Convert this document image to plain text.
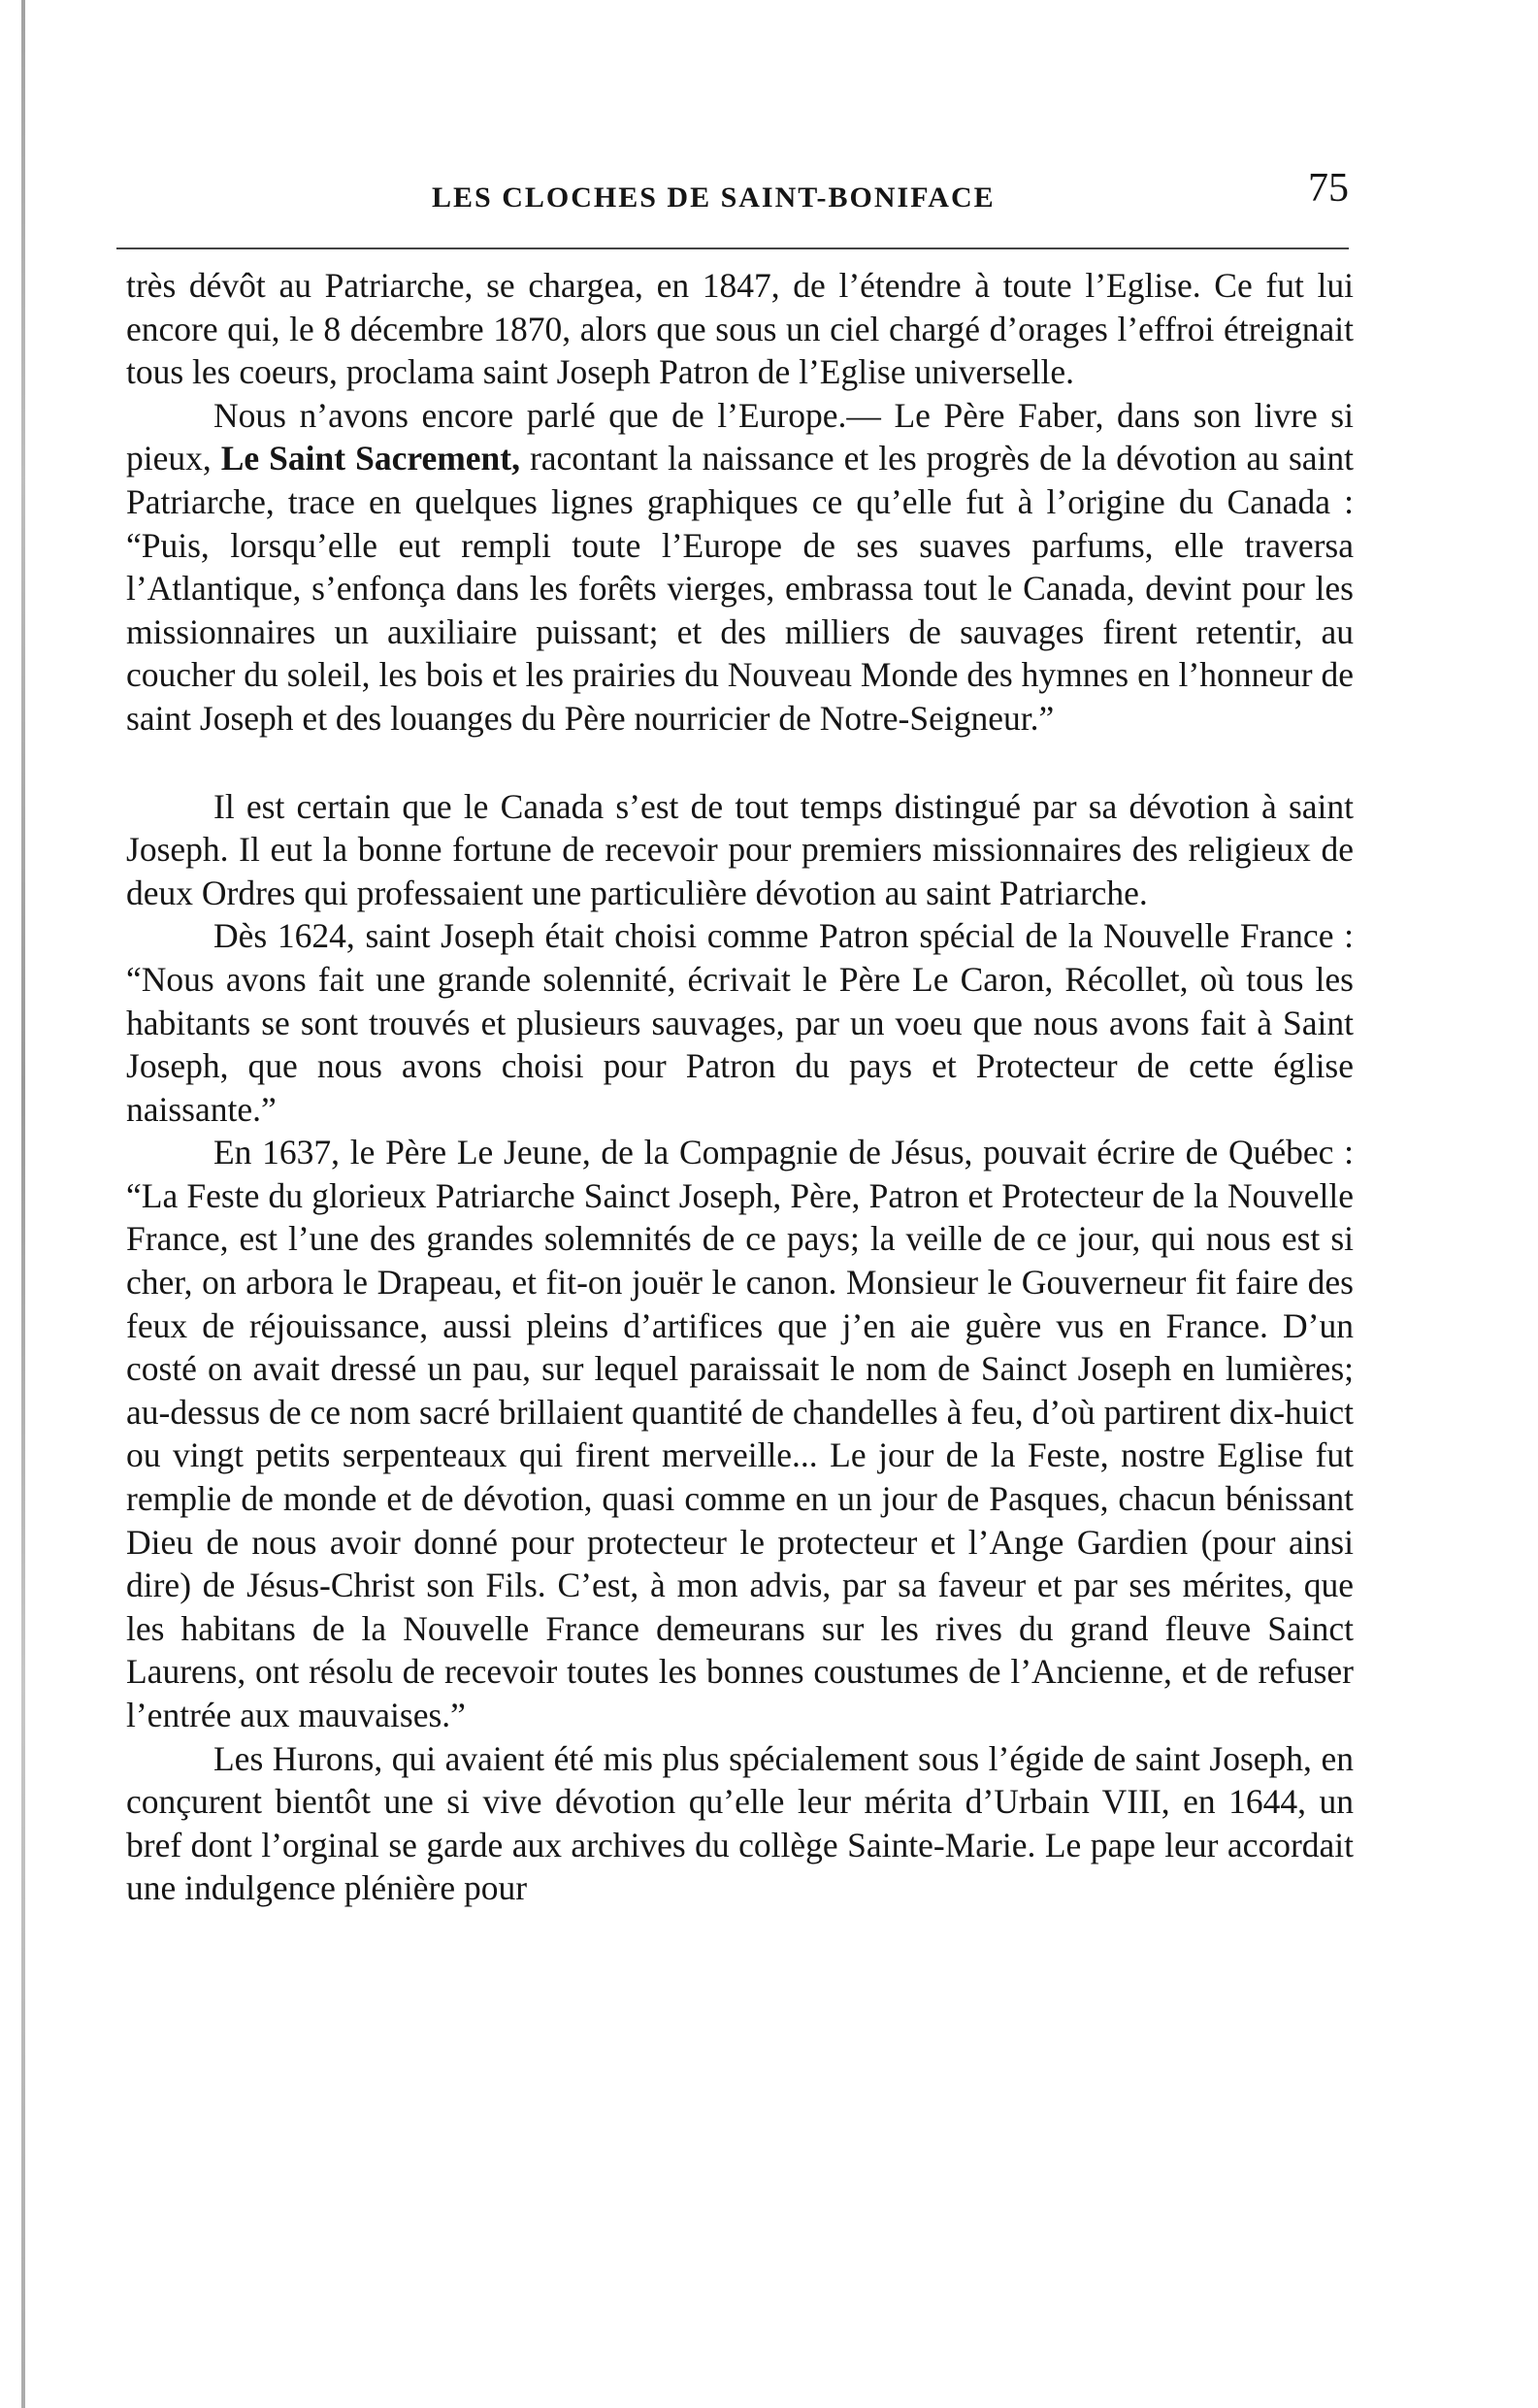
LES CLOCHES DE SAINT-BONIFACE	75

très dévôt au Patriarche, se chargea, en 1847, de l’étendre à toute l’Eglise. Ce fut lui encore qui, le 8 décembre 1870, alors que sous un ciel chargé d’orages l’effroi étreignait tous les coeurs, proclama saint Joseph Patron de l’Eglise universelle.

Nous n’avons encore parlé que de l’Europe.— Le Père Faber, dans son livre si pieux, Le Saint Sacrement, racontant la naissance et les progrès de la dévotion au saint Patriarche, trace en quelques lignes graphiques ce qu’elle fut à l’origine du Canada : “Puis, lorsqu’elle eut rempli toute l’Europe de ses suaves parfums, elle traversa l’Atlantique, s’enfonça dans les forêts vierges, embrassa tout le Canada, devint pour les missionnaires un auxiliaire puissant; et des milliers de sauvages firent retentir, au coucher du soleil, les bois et les prairies du Nouveau Monde des hymnes en l’honneur de saint Joseph et des louanges du Père nourricier de Notre-Seigneur.”

Il est certain que le Canada s’est de tout temps distingué par sa dévotion à saint Joseph. Il eut la bonne fortune de recevoir pour premiers missionnaires des religieux de deux Ordres qui professaient une particulière dévotion au saint Patriarche.

Dès 1624, saint Joseph était choisi comme Patron spécial de la Nouvelle France : “Nous avons fait une grande solennité, écrivait le Père Le Caron, Récollet, où tous les habitants se sont trouvés et plusieurs sauvages, par un voeu que nous avons fait à Saint Joseph, que nous avons choisi pour Patron du pays et Protecteur de cette église naissante.”

En 1637, le Père Le Jeune, de la Compagnie de Jésus, pouvait écrire de Québec : “La Feste du glorieux Patriarche Sainct Joseph, Père, Patron et Protecteur de la Nouvelle France, est l’une des grandes solemnités de ce pays; la veille de ce jour, qui nous est si cher, on arbora le Drapeau, et fit-on jouër le canon. Monsieur le Gouverneur fit faire des feux de réjouissance, aussi pleins d’artifices que j’en aie guère vus en France. D’un costé on avait dressé un pau, sur lequel paraissait le nom de Sainct Joseph en lumières; au-dessus de ce nom sacré brillaient quantité de chandelles à feu, d’où partirent dix-huict ou vingt petits serpenteaux qui firent merveille... Le jour de la Feste, nostre Eglise fut remplie de monde et de dévotion, quasi comme en un jour de Pasques, chacun bénissant Dieu de nous avoir donné pour protecteur le protecteur et l’Ange Gardien (pour ainsi dire) de Jésus-Christ son Fils. C’est, à mon advis, par sa faveur et par ses mérites, que les habitans de la Nouvelle France demeurans sur les rives du grand fleuve Sainct Laurens, ont résolu de recevoir toutes les bonnes coustumes de l’Ancienne, et de refuser l’entrée aux mauvaises.”

Les Hurons, qui avaient été mis plus spécialement sous l’égide de saint Joseph, en conçurent bientôt une si vive dévotion qu’elle leur mérita d’Urbain VIII, en 1644, un bref dont l’orginal se garde aux archives du collège Sainte-Marie. Le pape leur accordait une indulgence plénière pour
